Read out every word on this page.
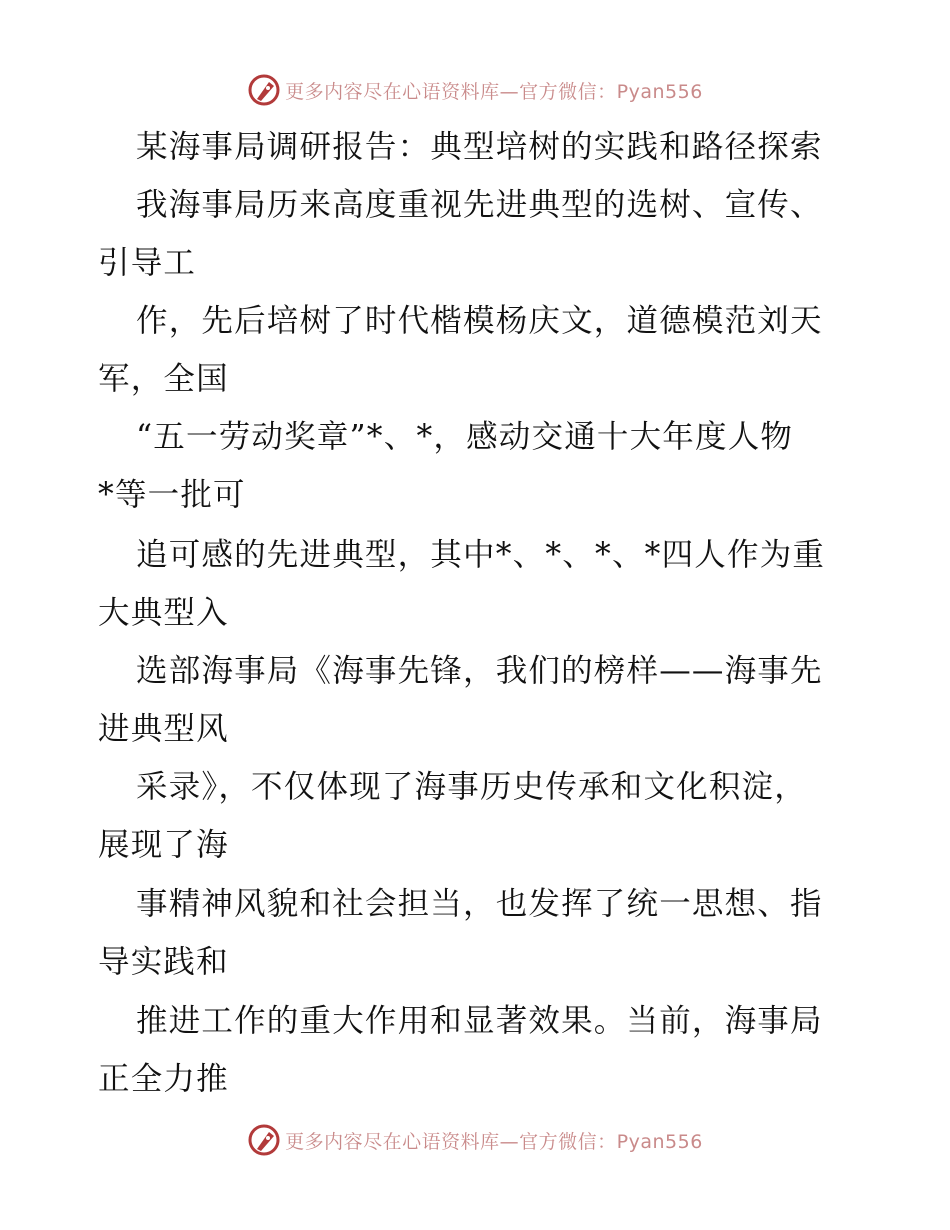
更多内容尽在心语资料库—官方微信：Pyan556
某海事局调研报告：典型培树的实践和路径探索
我海事局历来高度重视先进典型的选树、宣传、
引导工
作，先后培树了时代楷模杨庆文，道德模范刘天
军，全国
“五一劳动奖章”*、*，感动交通十大年度人物
*等一批可
追可感的先进典型，其中*、*、*、*四人作为重
大典型入
选部海事局《海事先锋，我们的榜样——海事先
进典型风
采录》，不仅体现了海事历史传承和文化积淀，
展现了海
事精神风貌和社会担当，也发挥了统一思想、指
导实践和
推进工作的重大作用和显著效果。当前，海事局
正全力推
更多内容尽在心语资料库—官方微信：Pyan556
